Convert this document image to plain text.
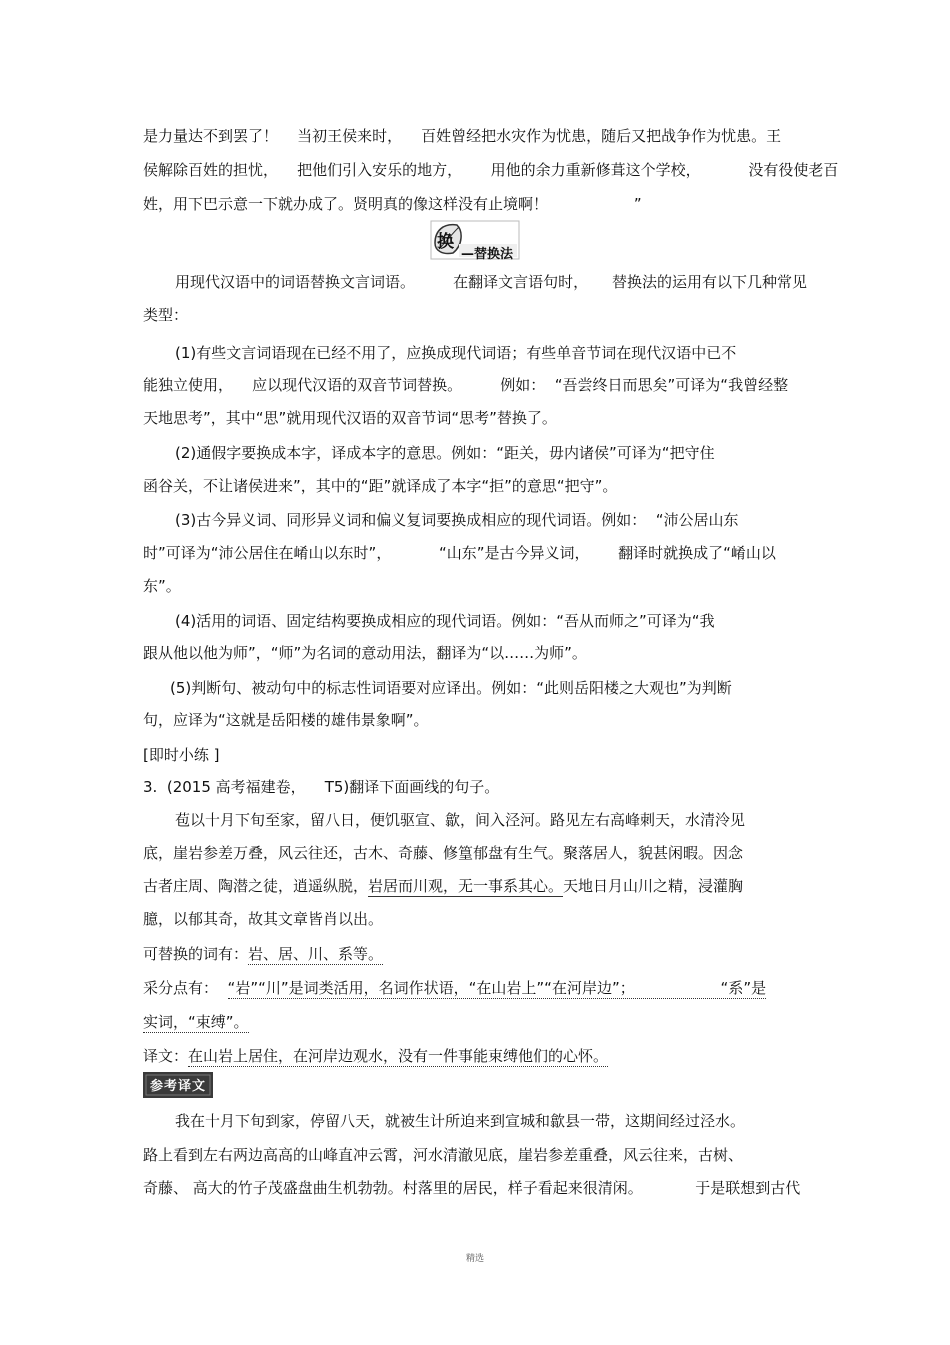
是力量达不到罢了！    当初王侯来时，    百姓曾经把水灾作为忧患，随后又把战争作为忧患。王
侯解除百姓的担忧，    把他们引入安乐的地方，      用他的余力重新修葺这个学校，          没有役使老百
姓，用下巴示意一下就办成了。贤明真的像这样没有止境啊！                  ”
换
—替换法
用现代汉语中的词语替换文言词语。        在翻译文言语句时，     替换法的运用有以下几种常见
类型：
(1)有些文言词语现在已经不用了，应换成现代词语；有些单音节词在现代汉语中已不
能独立使用，    应以现代汉语的双音节词替换。        例如：  “吾尝终日而思矣”可译为“我曾经整
天地思考”，其中“思”就用现代汉语的双音节词“思考”替换了。
(2)通假字要换成本字，译成本字的意思。例如：“距关，毋内诸侯”可译为“把守住
函谷关，不让诸侯进来”，其中的“距”就译成了本字“拒”的意思“把守”。
(3)古今异义词、同形异义词和偏义复词要换成相应的现代词语。例如：  “沛公居山东
时”可译为“沛公居住在崤山以东时”，          “山东”是古今异义词，      翻译时就换成了“崤山以
东”。
(4)活用的词语、固定结构要换成相应的现代词语。例如：“吾从而师之”可译为“我
跟从他以他为师”，“师”为名词的意动用法，翻译为“以……为师”。
(5)判断句、被动句中的标志性词语要对应译出。例如：“此则岳阳楼之大观也”为判断
句，应译为“这就是岳阳楼的雄伟景象啊”。
[即时小练 ]
3.  (2015 高考福建卷，    T5)翻译下面画线的句子。
苞以十月下旬至家，留八日，便饥驱宣、歙，间入泾河。路见左右高峰刺天，水清泠见
底，崖岩参差万叠，风云往还，古木、奇藤、修篁郁盘有生气。聚落居人，貌甚闲暇。因念
古者庄周、陶潜之徒，逍遥纵脱，岩居而川观，无一事系其心。天地日月山川之精，浸灌胸
臆，以郁其奇，故其文章皆肖以出。
可替换的词有：岩、居、川、系等。
采分点有：  “岩”“川”是词类活用，名词作状语，“在山岩上”“在河岸边”；                  “系”是
实词，“束缚”。
译文：在山岩上居住，在河岸边观水，没有一件事能束缚他们的心怀。
参考译文
我在十月下旬到家，停留八天，就被生计所迫来到宣城和歙县一带，这期间经过泾水。
路上看到左右两边高高的山峰直冲云霄，河水清澈见底，崖岩参差重叠，风云往来，古树、
奇藤、 高大的竹子茂盛盘曲生机勃勃。村落里的居民，样子看起来很清闲。           于是联想到古代
精选
